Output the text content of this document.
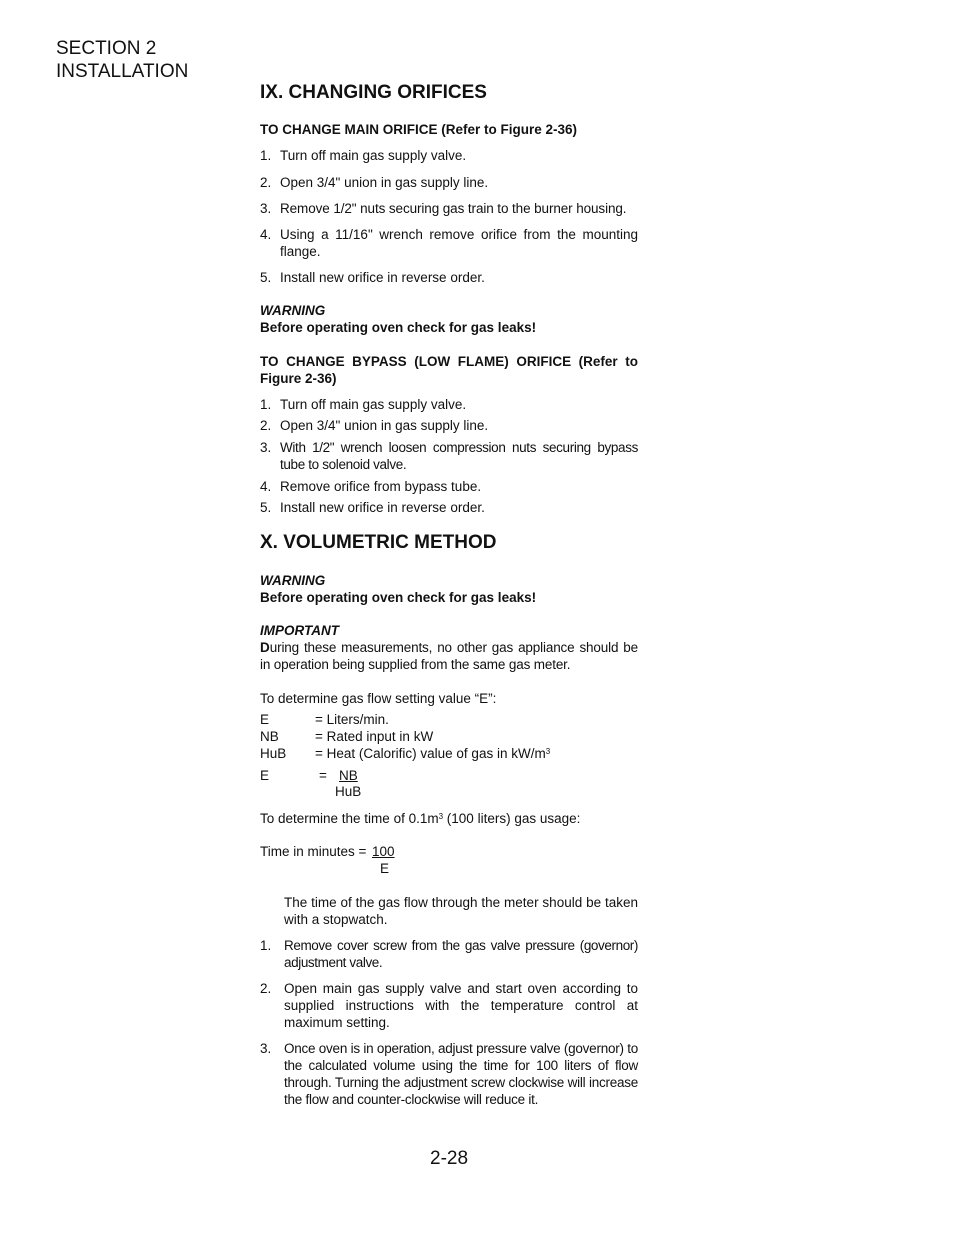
SECTION 2
INSTALLATION
IX. CHANGING ORIFICES
TO CHANGE MAIN ORIFICE (Refer to Figure 2-36)
1. Turn off main gas supply valve.
2. Open 3/4" union in gas supply line.
3. Remove 1/2" nuts securing gas train to the burner housing.
4. Using a 11/16" wrench remove orifice from the mounting flange.
5. Install new orifice in reverse order.
WARNING
Before operating oven check for gas leaks!
TO CHANGE BYPASS (LOW FLAME) ORIFICE (Refer to Figure 2-36)
1. Turn off main gas supply valve.
2. Open 3/4" union in gas supply line.
3. With 1/2" wrench loosen compression nuts securing bypass tube to solenoid valve.
4. Remove orifice from bypass tube.
5. Install new orifice in reverse order.
X. VOLUMETRIC METHOD
WARNING
Before operating oven check for gas leaks!
IMPORTANT
During these measurements, no other gas appliance should be in operation being supplied from the same gas meter.
To determine gas flow setting value “E”:
E	= Liters/min.
NB	= Rated input in kW
HuB = Heat (Calorific) value of gas in $kW/m^3$
E	= NB
HuB
To determine the time of $0.1m^3$ (100 liters) gas usage:
Time in minutes = 100
E
The time of the gas flow through the meter should be taken with a stopwatch.
1. Remove cover screw from the gas valve pressure (governor) adjustment valve.
2. Open main gas supply valve and start oven according to supplied instructions with the temperature control at maximum setting.
3. Once oven is in operation, adjust pressure valve (governor) to the calculated volume using the time for 100 liters of flow through. Turning the adjustment screw clockwise will increase the flow and counter-clockwise will reduce it.
2-28
